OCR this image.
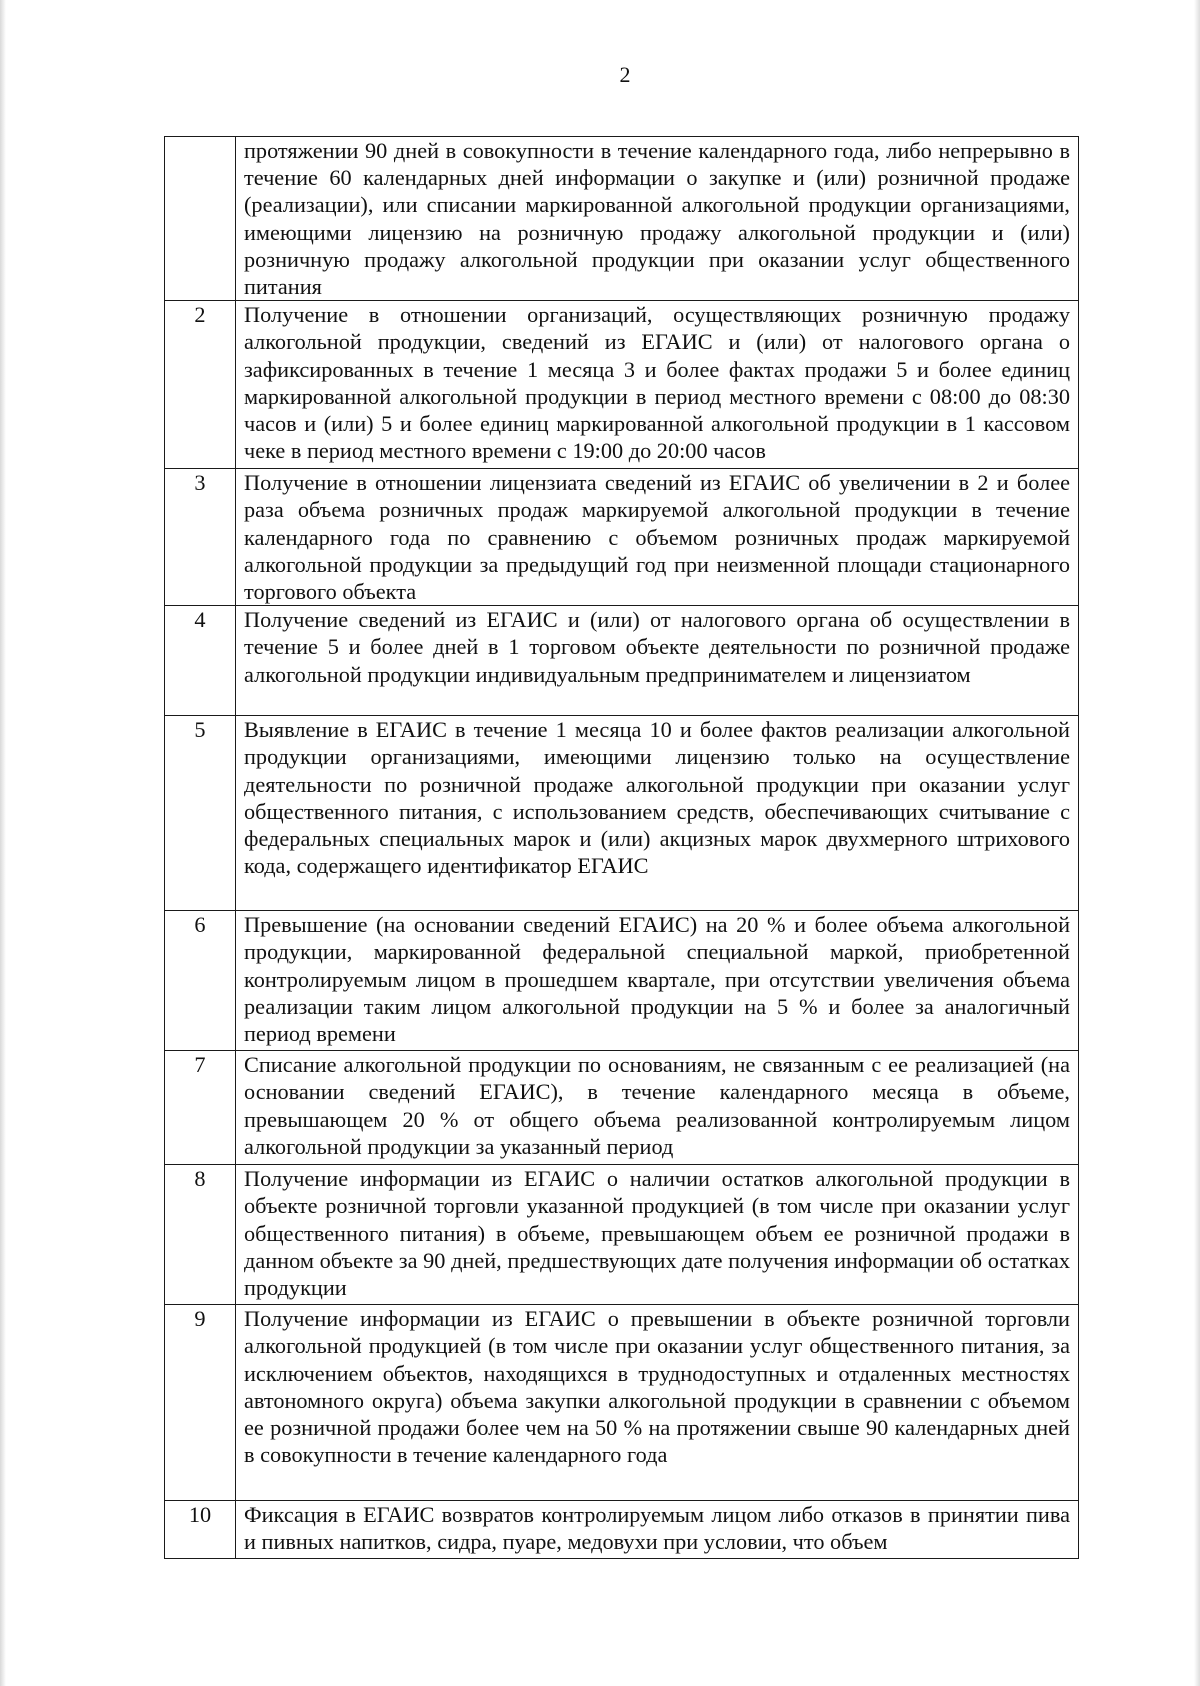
2
	протяжении 90 дней в совокупности в течение календарного года, либо непрерывно в течение 60 календарных дней информации о закупке и (или) розничной продаже (реализации), или списании маркированной алкогольной продукции организациями, имеющими лицензию на розничную продажу алкогольной продукции и (или) розничную продажу алкогольной продукции при оказании услуг общественного питания
2	Получение в отношении организаций, осуществляющих розничную продажу алкогольной продукции, сведений из ЕГАИС и (или) от налогового органа о зафиксированных в течение 1 месяца 3 и более фактах продажи 5 и более единиц маркированной алкогольной продукции в период местного времени с 08:00 до 08:30 часов и (или) 5 и более единиц маркированной алкогольной продукции в 1 кассовом чеке в период местного времени с 19:00 до 20:00 часов
3	Получение в отношении лицензиата сведений из ЕГАИС об увеличении в 2 и более раза объема розничных продаж маркируемой алкогольной продукции в течение календарного года по сравнению с объемом розничных продаж маркируемой алкогольной продукции за предыдущий год при неизменной площади стационарного торгового объекта
4	Получение сведений из ЕГАИС и (или) от налогового органа об осуществлении в течение 5 и более дней в 1 торговом объекте деятельности по розничной продаже алкогольной продукции индивидуальным предпринимателем и лицензиатом
5	Выявление в ЕГАИС в течение 1 месяца 10 и более фактов реализации алкогольной продукции организациями, имеющими лицензию только на осуществление деятельности по розничной продаже алкогольной продукции при оказании услуг общественного питания, с использованием средств, обеспечивающих считывание с федеральных специальных марок и (или) акцизных марок двухмерного штрихового кода, содержащего идентификатор ЕГАИС
6	Превышение (на основании сведений ЕГАИС) на 20 % и более объема алкогольной продукции, маркированной федеральной специальной маркой, приобретенной контролируемым лицом в прошедшем квартале, при отсутствии увеличения объема реализации таким лицом алкогольной продукции на 5 % и более за аналогичный период времени
7	Списание алкогольной продукции по основаниям, не связанным с ее реализацией (на основании сведений ЕГАИС), в течение календарного месяца в объеме, превышающем 20 % от общего объема реализованной контролируемым лицом алкогольной продукции за указанный период
8	Получение информации из ЕГАИС о наличии остатков алкогольной продукции в объекте розничной торговли указанной продукцией (в том числе при оказании услуг общественного питания) в объеме, превышающем объем ее розничной продажи в данном объекте за 90 дней, предшествующих дате получения информации об остатках продукции
9	Получение информации из ЕГАИС о превышении в объекте розничной торговли алкогольной продукцией (в том числе при оказании услуг общественного питания, за исключением объектов, находящихся в труднодоступных и отдаленных местностях автономного округа) объема закупки алкогольной продукции в сравнении с объемом ее розничной продажи более чем на 50 % на протяжении свыше 90 календарных дней в совокупности в течение календарного года
10	Фиксация в ЕГАИС возвратов контролируемым лицом либо отказов в принятии пива и пивных напитков, сидра, пуаре, медовухи при условии, что объем
